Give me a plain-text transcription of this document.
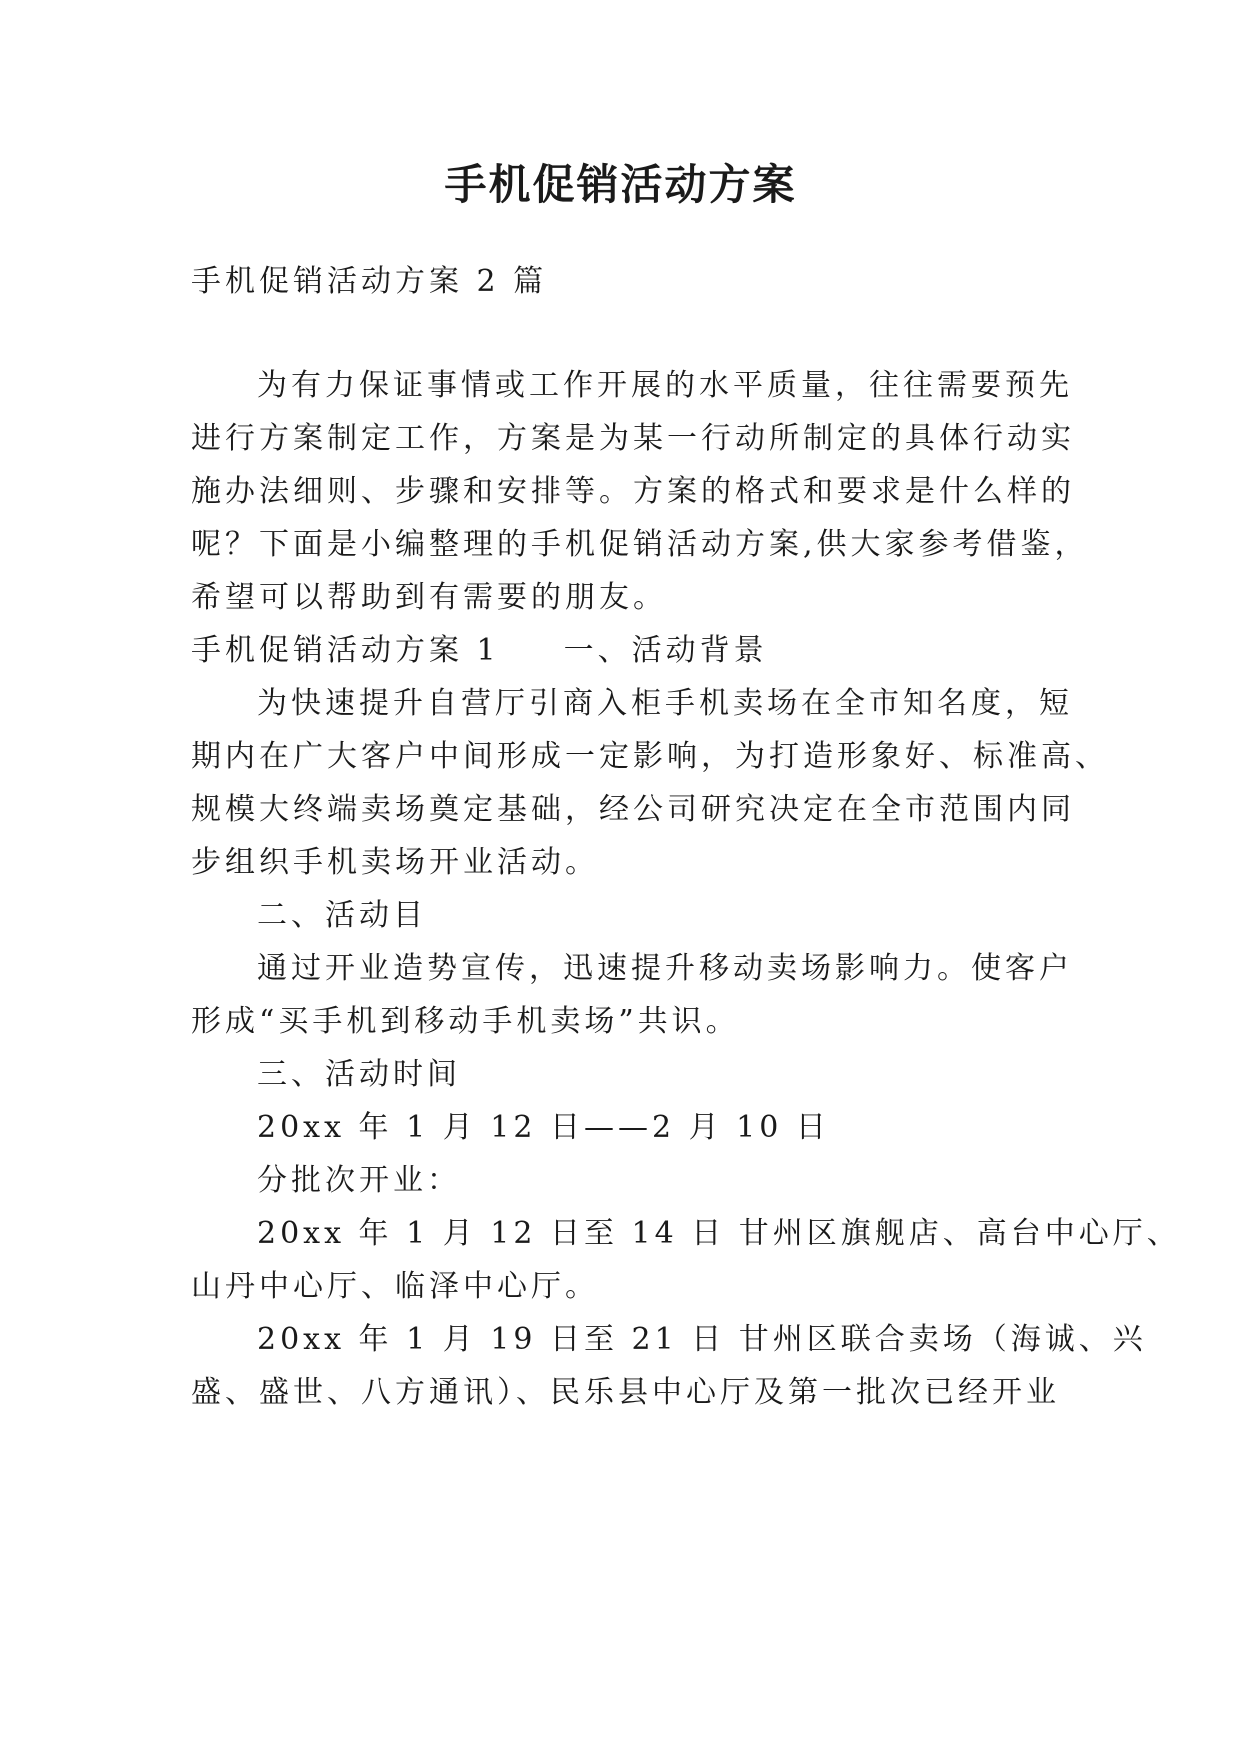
手机促销活动方案
手机促销活动方案 2 篇
为有力保证事情或工作开展的水平质量，往往需要预先
进行方案制定工作，方案是为某一行动所制定的具体行动实
施办法细则、步骤和安排等。方案的格式和要求是什么样的
呢？下面是小编整理的手机促销活动方案,供大家参考借鉴，
希望可以帮助到有需要的朋友。
手机促销活动方案 1 一、活动背景
为快速提升自营厅引商入柜手机卖场在全市知名度，短
期内在广大客户中间形成一定影响，为打造形象好、标准高、
规模大终端卖场奠定基础，经公司研究决定在全市范围内同
步组织手机卖场开业活动。
二、活动目
通过开业造势宣传，迅速提升移动卖场影响力。使客户
形成“买手机到移动手机卖场”共识。
三、活动时间
20xx 年 1 月 12 日——2 月 10 日
分批次开业：
20xx 年 1 月 12 日至 14 日 甘州区旗舰店、高台中心厅、
山丹中心厅、临泽中心厅。
20xx 年 1 月 19 日至 21 日 甘州区联合卖场（海诚、兴
盛、盛世、八方通讯）、民乐县中心厅及第一批次已经开业
